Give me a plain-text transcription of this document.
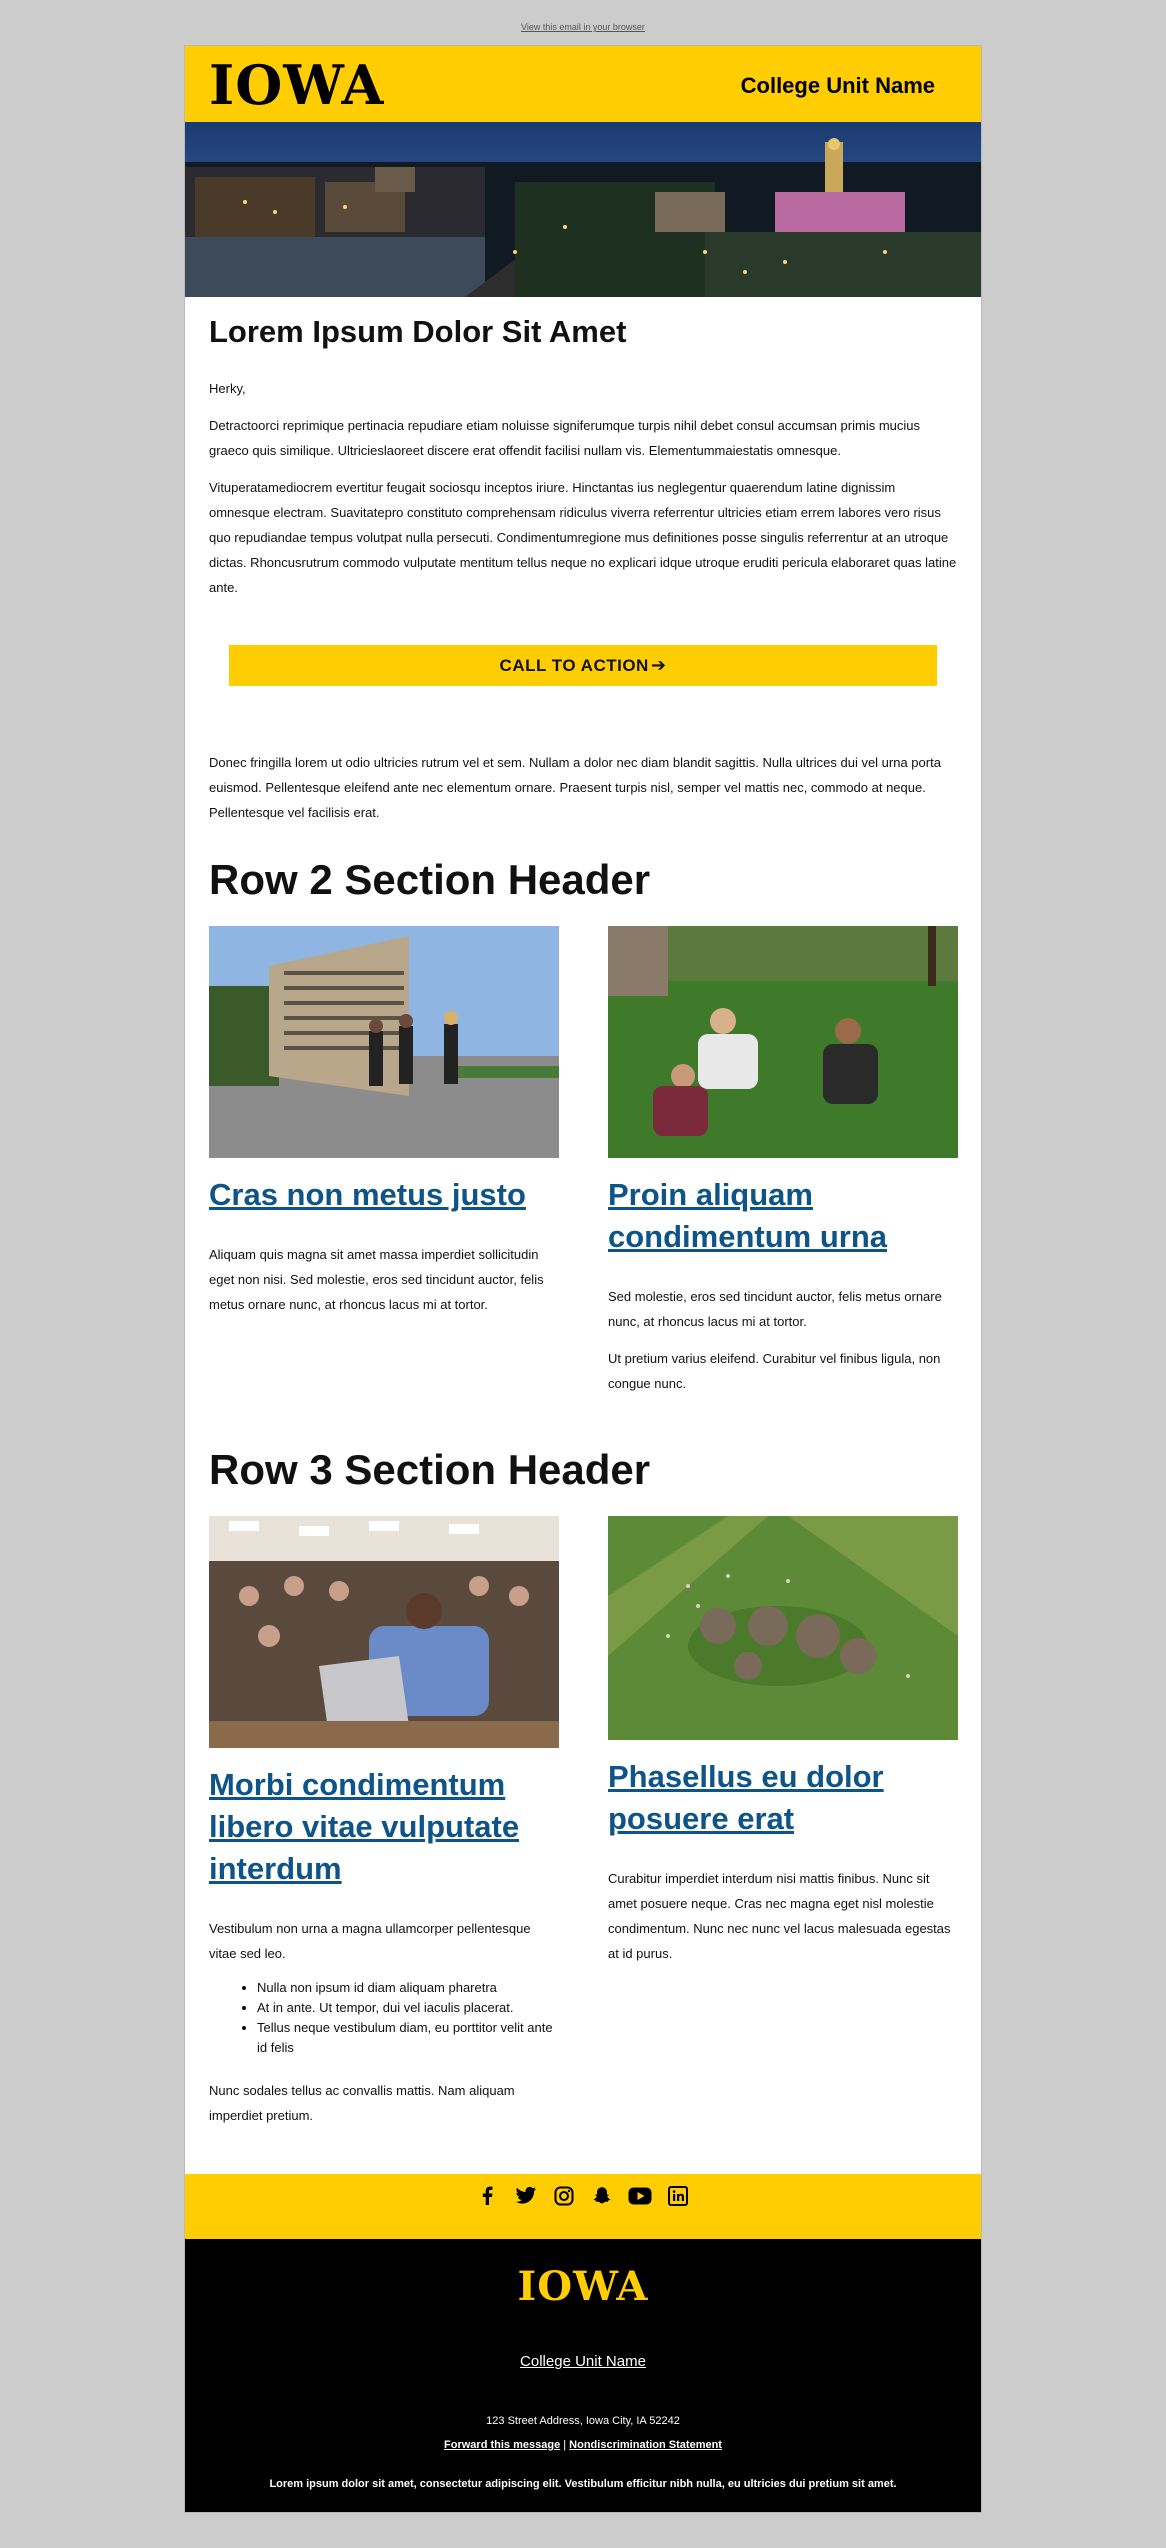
View this email in your browser
IOWA	College Unit Name
Lorem Ipsum Dolor Sit Amet

Herky,

Detractoorci reprimique pertinacia repudiare etiam noluisse signiferumque turpis nihil debet consul accumsan primis mucius graeco quis similique. Ultricieslaoreet discere erat offendit facilisi nullam vis. Elementummaiestatis omnesque.

Vituperatamediocrem evertitur feugait sociosqu inceptos iriure. Hinctantas ius neglegentur quaerendum latine dignissim omnesque electram. Suavitatepro constituto comprehensam ridiculus viverra referrentur ultricies etiam errem labores vero risus quo repudiandae tempus volutpat nulla persecuti. Condimentumregione mus definitiones posse singulis referrentur at an utroque dictas. Rhoncusrutrum commodo vulputate mentitum tellus neque no explicari idque utroque eruditi pericula elaboraret quas latine ante.

CALL TO ACTION ➔

Donec fringilla lorem ut odio ultricies rutrum vel et sem. Nullam a dolor nec diam blandit sagittis. Nulla ultrices dui vel urna porta euismod. Pellentesque eleifend ante nec elementum ornare. Praesent turpis nisl, semper vel mattis nec, commodo at neque. Pellentesque vel facilisis erat.

Row 2 Section Header
Cras non metus justo

Aliquam quis magna sit amet massa imperdiet sollicitudin eget non nisi. Sed molestie, eros sed tincidunt auctor, felis metus ornare nunc, at rhoncus lacus mi at tortor.

Proin aliquam condimentum urna

Sed molestie, eros sed tincidunt auctor, felis metus ornare nunc, at rhoncus lacus mi at tortor.

Ut pretium varius eleifend. Curabitur vel finibus ligula, non congue nunc.

Row 3 Section Header
Morbi condimentum libero vitae vulputate interdum

Vestibulum non urna a magna ullamcorper pellentesque vitae sed leo.

• Nulla non ipsum id diam aliquam pharetra
• At in ante. Ut tempor, dui vel iaculis placerat.
• Tellus neque vestibulum diam, eu porttitor velit ante id felis

Nunc sodales tellus ac convallis mattis. Nam aliquam imperdiet pretium.

Phasellus eu dolor posuere erat

Curabitur imperdiet interdum nisi mattis finibus. Nunc sit amet posuere neque. Cras nec magna eget nisl molestie condimentum. Nunc nec nunc vel lacus malesuada egestas at id purus.

IOWA
College Unit Name
123 Street Address, Iowa City, IA 52242
Forward this message | Nondiscrimination Statement
Lorem ipsum dolor sit amet, consectetur adipiscing elit. Vestibulum efficitur nibh nulla, eu ultricies dui pretium sit amet.
